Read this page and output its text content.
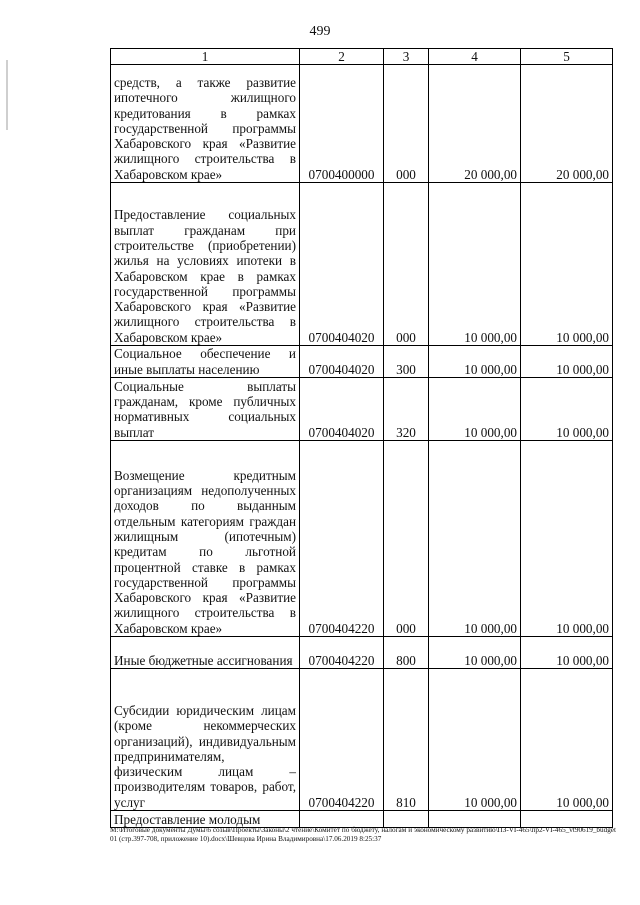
499
1	2	3	4	5
средств, а также развитие ипотечного жилищного кредитования в рамках государственной программы Хабаровского края «Развитие жилищного строительства в Хабаровском крае»	0700400000	000	20 000,00	20 000,00
Предоставление социальных выплат гражданам при строительстве (приобретении) жилья на условиях ипотеки в Хабаровском крае в рамках государственной программы Хабаровского края «Развитие жилищного строительства в Хабаровском крае»	0700404020	000	10 000,00	10 000,00
Социальное обеспечение и иные выплаты населению	0700404020	300	10 000,00	10 000,00
Социальные выплаты гражданам, кроме публичных нормативных социальных выплат	0700404020	320	10 000,00	10 000,00
Возмещение кредитным организациям недополученных доходов по выданным отдельным категориям граждан жилищным (ипотечным) кредитам по льготной процентной ставке в рамках государственной программы Хабаровского края «Развитие жилищного строительства в Хабаровском крае»	0700404220	000	10 000,00	10 000,00
Иные бюджетные ассигнования	0700404220	800	10 000,00	10 000,00
Субсидии юридическим лицам (кроме некоммерческих организаций), индивидуальным предпринимателям, физическим лицам – производителям товаров, работ, услуг	0700404220	810	10 000,00	10 000,00
Предоставление молодым				
M:\Итоговые документы Думы\6 созыв\Проекты\Законы\2 чтение\Комитет по бюджету, налогам и экономическому развитию\ПЗ-VI-465\пр2-VI-465_vt90619_budget01 (стр.397-708, приложение 10).docx\Шевцова Ирина Владимировна\17.06.2019 8:25:37
